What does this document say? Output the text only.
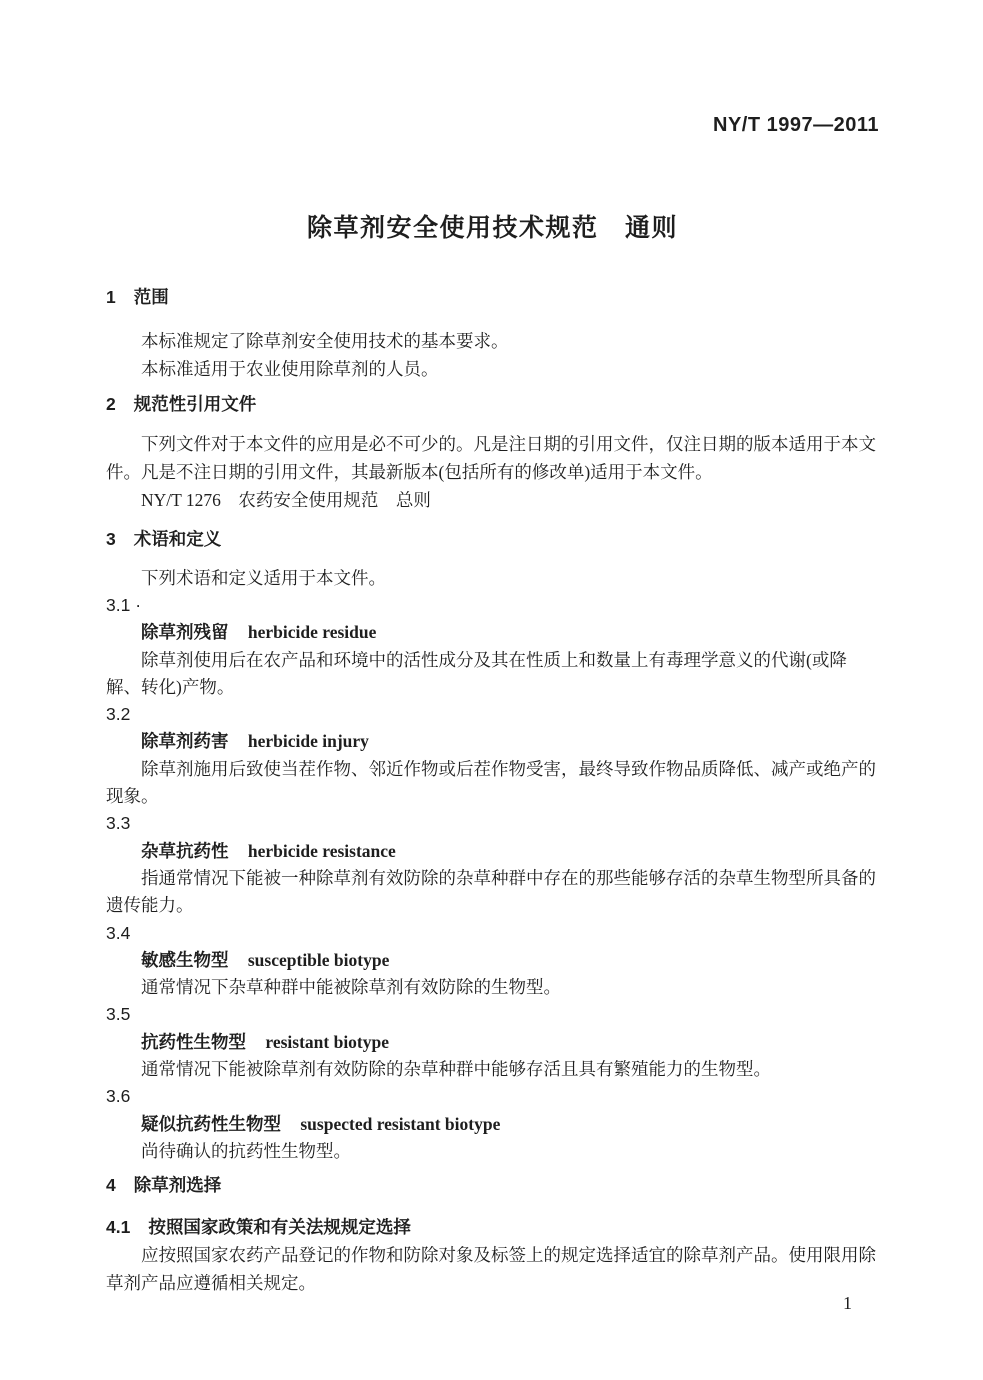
NY/T 1997—2011
除草剂安全使用技术规范　通则
1 范围

本标准规定了除草剂安全使用技术的基本要求。

本标准适用于农业使用除草剂的人员。

2 规范性引用文件

下列文件对于本文件的应用是必不可少的。凡是注日期的引用文件，仅注日期的版本适用于本文件。凡是不注日期的引用文件，其最新版本(包括所有的修改单)适用于本文件。

NY/T 1276　农药安全使用规范　总则

3 术语和定义

下列术语和定义适用于本文件。

3.1 ·
除草剂残留 herbicide residue

除草剂使用后在农产品和环境中的活性成分及其在性质上和数量上有毒理学意义的代谢(或降解、转化)产物。

3.2
除草剂药害 herbicide injury

除草剂施用后致使当茬作物、邻近作物或后茬作物受害，最终导致作物品质降低、减产或绝产的现象。

3.3
杂草抗药性 herbicide resistance

指通常情况下能被一种除草剂有效防除的杂草种群中存在的那些能够存活的杂草生物型所具备的遗传能力。

3.4
敏感生物型 susceptible biotype

通常情况下杂草种群中能被除草剂有效防除的生物型。

3.5
抗药性生物型 resistant biotype

通常情况下能被除草剂有效防除的杂草种群中能够存活且具有繁殖能力的生物型。

3.6
疑似抗药性生物型 suspected resistant biotype

尚待确认的抗药性生物型。

4 除草剂选择
4.1 按照国家政策和有关法规规定选择

应按照国家农药产品登记的作物和防除对象及标签上的规定选择适宜的除草剂产品。使用限用除草剂产品应遵循相关规定。

1
